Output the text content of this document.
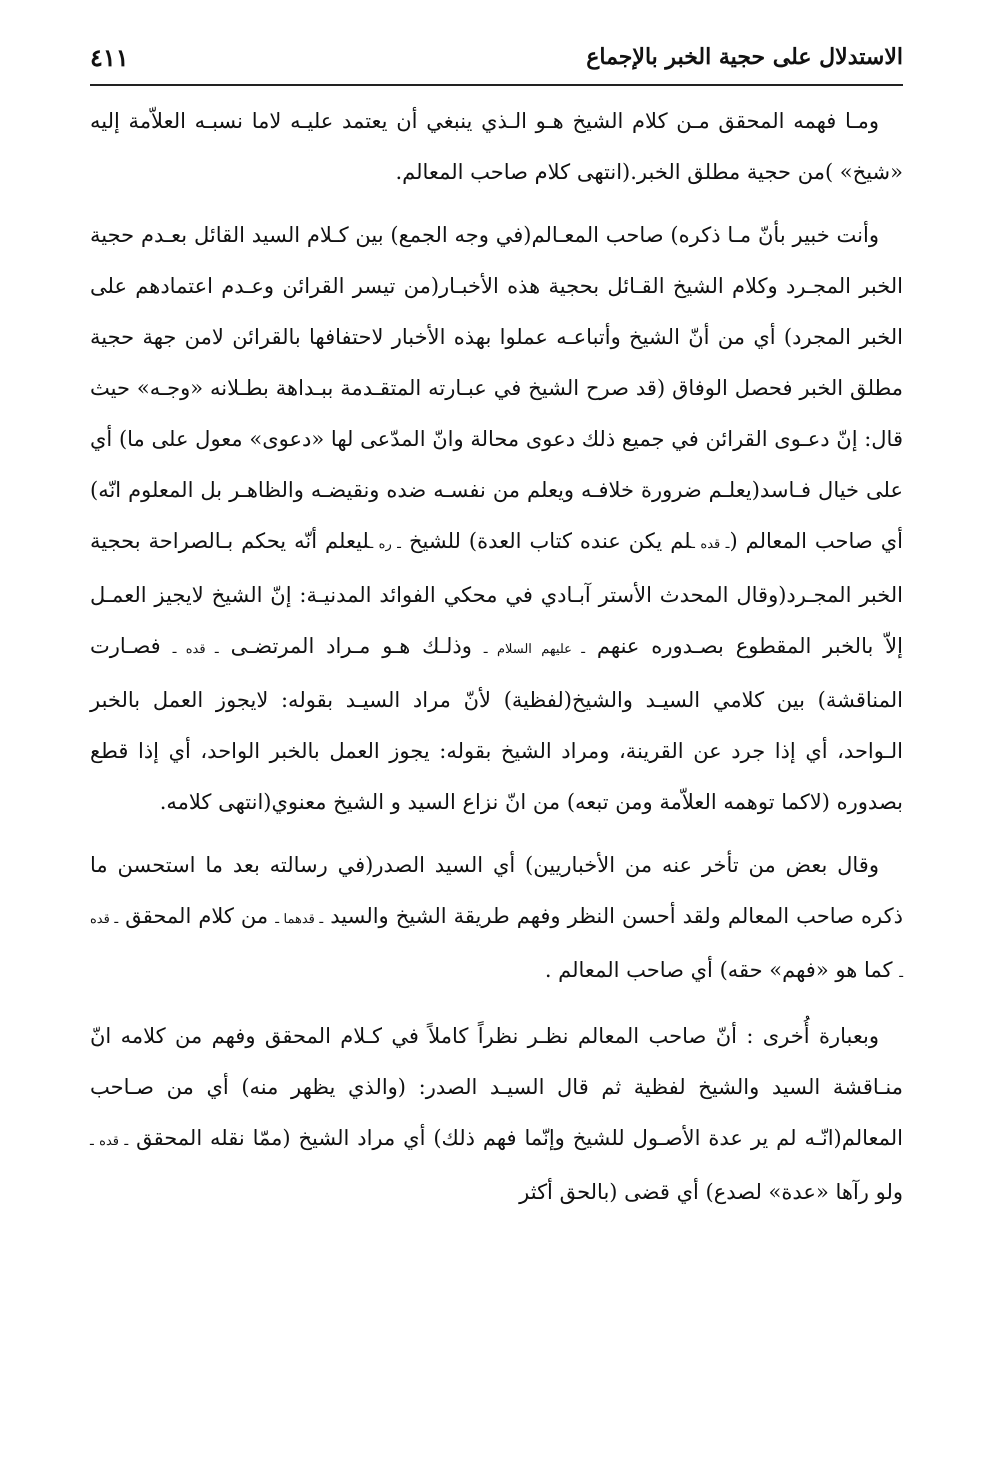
الاستدلال على حجية الخبر بالإجماع
٤١١

ومـا فهمه المحقق مـن كلام الشيخ هـو الـذي ينبغي أن يعتمد عليـه لاما نسبـه العلاّمة إليه «شيخ» )من حجية مطلق الخبر.(انتهى كلام صاحب المعالم.

وأنت خبير بأنّ مـا ذكره) صاحب المعـالم(في وجه الجمع) بين كـلام السيد القائل بعـدم حجية الخبر المجـرد وكلام الشيخ القـائل بحجية هذه الأخبـار(من تيسر القرائن وعـدم اعتمادهم على الخبر المجرد) أي من أنّ الشيخ وأتباعـه عملوا بهذه الأخبار لاحتفافها بالقرائن لامن جهة حجية مطلق الخبر فحصل الوفاق (قد صرح الشيخ في عبـارته المتقـدمة ببـداهة بطـلانه «وجـه» حيث قال: إنّ دعـوى القرائن في جميع ذلك دعوى محالة وانّ المدّعى لها «دعوى» معول على ما) أي على خيال فـاسد(يعلـم ضرورة خلافـه ويعلم من نفسـه ضده ونقيضـه والظاهـر بل المعلوم انّه) أي صاحب المعالم (ـ قده ـلم يكن عنده كتاب العدة) للشيخ ـ ره ـليعلم أنّه يحكم بـالصراحة بحجية الخبر المجـرد(وقال المحدث الأستر آبـادي في محكي الفوائد المدنيـة: إنّ الشيخ لايجيز العمـل إلاّ بالخبر المقطوع بصـدوره عنهم ـ عليهم السلام ـ وذلـك هـو مـراد المرتضـى ـ قده ـ فصـارت المناقشة) بين كلامي السيـد والشيخ(لفظية) لأنّ مراد السيـد بقوله: لايجوز العمل بالخبر الـواحد، أي إذا جرد عن القرينة، ومراد الشيخ بقوله: يجوز العمل بالخبر الواحد، أي إذا قطع بصدوره (لاكما توهمه العلاّمة ومن تبعه) من انّ نزاع السيد و الشيخ معنوي(انتهى كلامه.

وقال بعض من تأخر عنه من الأخباريين) أي السيد الصدر(في رسالته بعد ما استحسن ما ذكره صاحب المعالم ولقد أحسن النظر وفهم طريقة الشيخ والسيد ـ قدهما ـ من كلام المحقق ـ قده ـ كما هو «فهم» حقه) أي صاحب المعالم .

وبعبارة أُخرى : أنّ صاحب المعالم نظـر نظراً كاملاً في كـلام المحقق وفهم من كلامه انّ منـاقشة السيد والشيخ لفظية ثم قال السيـد الصدر: (والذي يظهر منه) أي من صـاحب المعالم(انّـه لم ير عدة الأصـول للشيخ وإنّما فهم ذلك) أي مراد الشيخ (ممّا نقله المحقق ـ قده ـ ولو رآها «عدة» لصدع) أي قضى (بالحق أكثر
